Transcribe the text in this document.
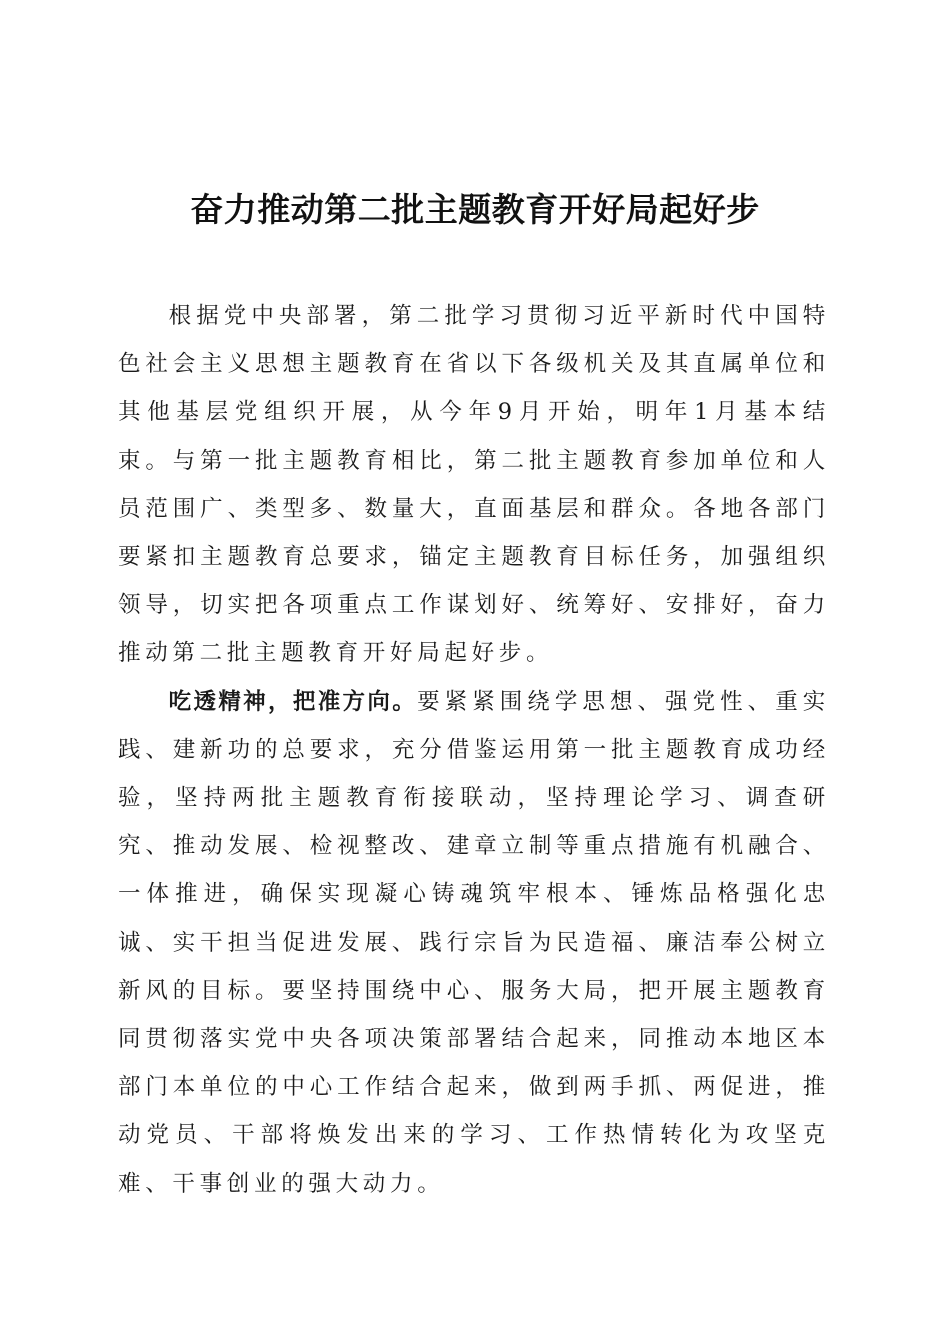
奋力推动第二批主题教育开好局起好步

根据党中央部署，第二批学习贯彻习近平新时代中国特色社会主义思想主题教育在省以下各级机关及其直属单位和其他基层党组织开展，从今年9月开始，明年1月基本结束。与第一批主题教育相比，第二批主题教育参加单位和人员范围广、类型多、数量大，直面基层和群众。各地各部门要紧扣主题教育总要求，锚定主题教育目标任务，加强组织领导，切实把各项重点工作谋划好、统筹好、安排好，奋力推动第二批主题教育开好局起好步。

吃透精神，把准方向。要紧紧围绕学思想、强党性、重实践、建新功的总要求，充分借鉴运用第一批主题教育成功经验，坚持两批主题教育衔接联动，坚持理论学习、调查研究、推动发展、检视整改、建章立制等重点措施有机融合、一体推进，确保实现凝心铸魂筑牢根本、锤炼品格强化忠诚、实干担当促进发展、践行宗旨为民造福、廉洁奉公树立新风的目标。要坚持围绕中心、服务大局，把开展主题教育同贯彻落实党中央各项决策部署结合起来，同推动本地区本部门本单位的中心工作结合起来，做到两手抓、两促进，推动党员、干部将焕发出来的学习、工作热情转化为攻坚克难、干事创业的强大动力。
